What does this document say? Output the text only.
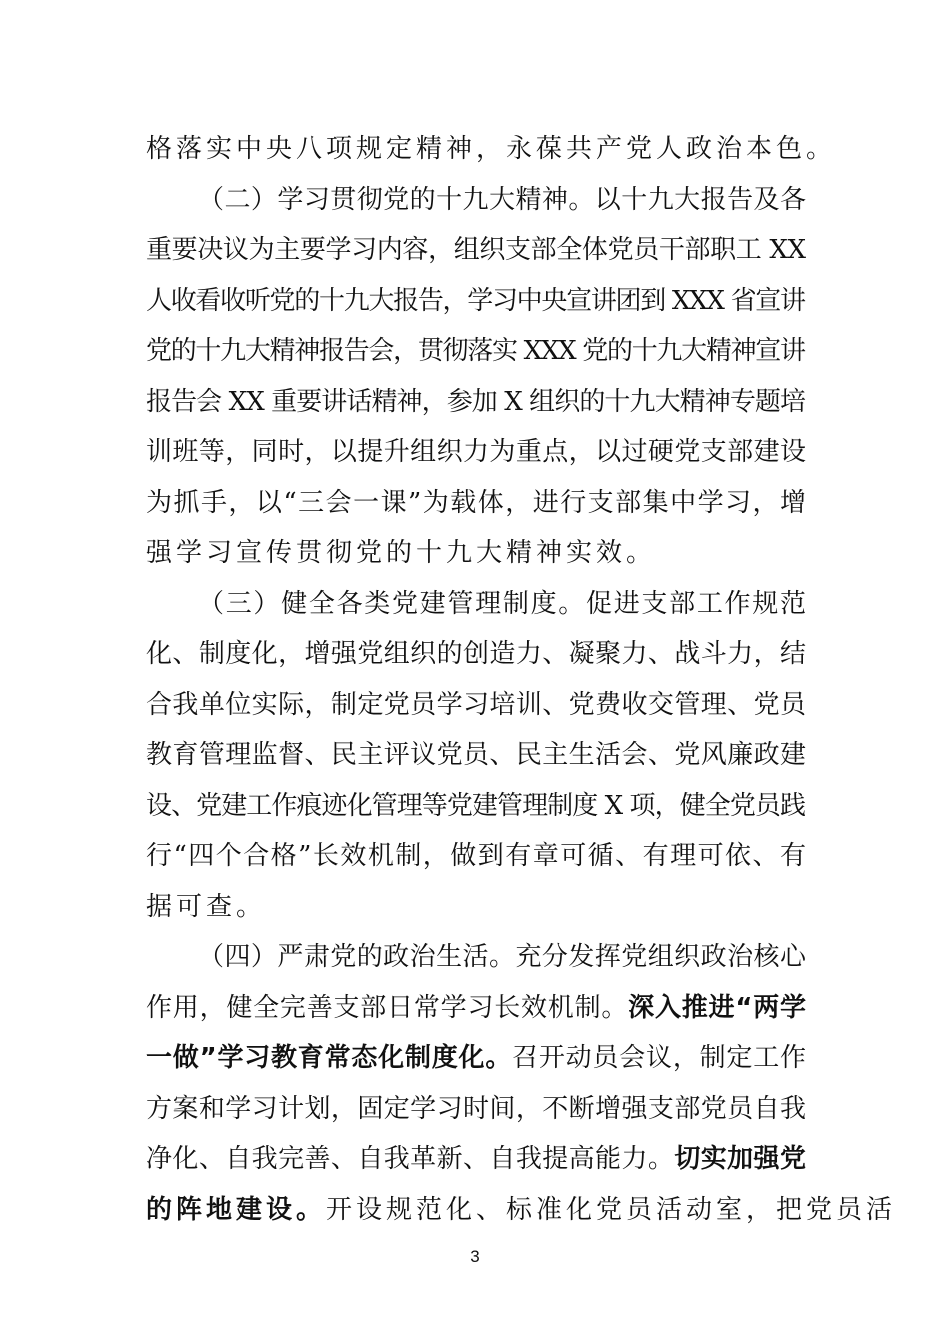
格落实中央八项规定精神，永葆共产党人政治本色。
（二）学习贯彻党的十九大精神。以十九大报告及各
重要决议为主要学习内容，组织支部全体党员干部职工 XX
人收看收听党的十九大报告，学习中央宣讲团到 XXX 省宣讲
党的十九大精神报告会，贯彻落实 XXX 党的十九大精神宣讲
报告会 XX 重要讲话精神，参加 X 组织的十九大精神专题培
训班等，同时，以提升组织力为重点，以过硬党支部建设
为抓手，以“三会一课”为载体，进行支部集中学习，增
强学习宣传贯彻党的十九大精神实效。
（三）健全各类党建管理制度。促进支部工作规范
化、制度化，增强党组织的创造力、凝聚力、战斗力，结
合我单位实际，制定党员学习培训、党费收交管理、党员
教育管理监督、民主评议党员、民主生活会、党风廉政建
设、党建工作痕迹化管理等党建管理制度 X 项，健全党员践
行“四个合格”长效机制，做到有章可循、有理可依、有
据可查。
（四）严肃党的政治生活。充分发挥党组织政治核心
作用，健全完善支部日常学习长效机制。深入推进“两学
一做”学习教育常态化制度化。召开动员会议，制定工作
方案和学习计划，固定学习时间，不断增强支部党员自我
净化、自我完善、自我革新、自我提高能力。切实加强党
的阵地建设。开设规范化、标准化党员活动室，把党员活
3
